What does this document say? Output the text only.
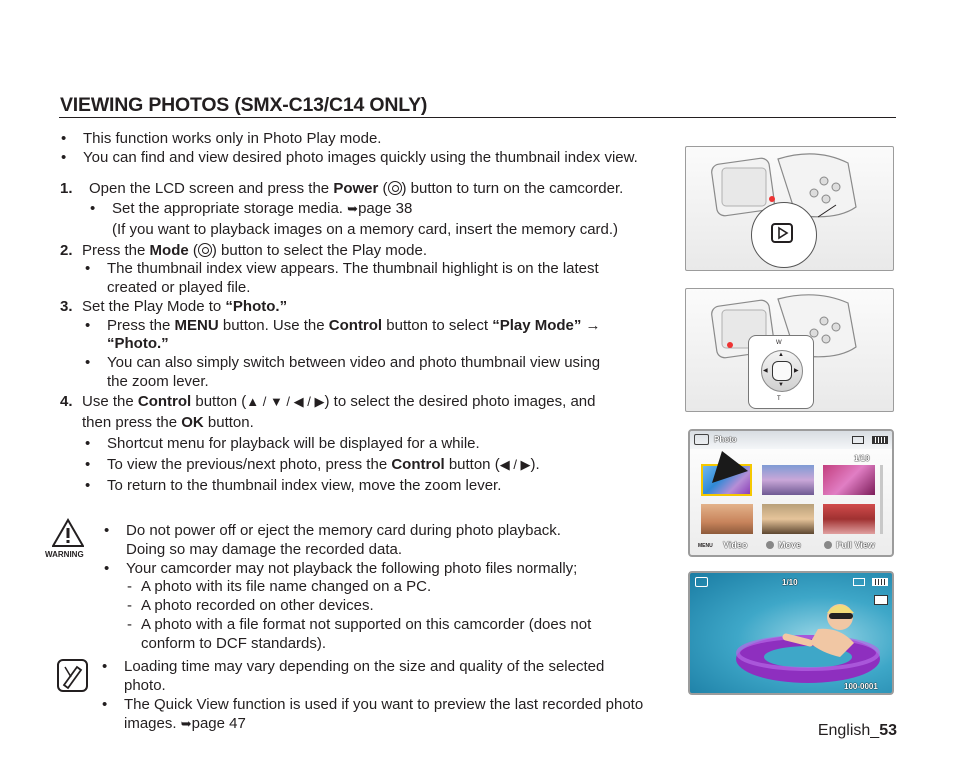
VIEWING PHOTOS (SMX-C13/C14 ONLY)
• This function works only in Photo Play mode.
• You can find and view desired photo images quickly using the thumbnail index view.
1. Open the LCD screen and press the Power ( ) button to turn on the camcorder.
• Set the appropriate storage media. ➥page 38
(If you want to playback images on a memory card, insert the memory card.)
2. Press the Mode ( ) button to select the Play mode.
• The thumbnail index view appears. The thumbnail highlight is on the latest
created or played file.
3. Set the Play Mode to “Photo.”
• Press the MENU button. Use the Control button to select “Play Mode” →
“Photo.”
• You can also simply switch between video and photo thumbnail view using
the zoom lever.
4. Use the Control button (▲ / ▼ / ◀ / ▶) to select the desired photo images, and
then press the OK button.
• Shortcut menu for playback will be displayed for a while.
• To view the previous/next photo, press the Control button (◀ / ▶).
• To return to the thumbnail index view, move the zoom lever.
WARNING
• Do not power off or eject the memory card during photo playback.
Doing so may damage the recorded data.
• Your camcorder may not playback the following photo files normally;
- A photo with its file name changed on a PC.
- A photo recorded on other devices.
- A photo with a file format not supported on this camcorder (does not
conform to DCF standards).
• Loading time may vary depending on the size and quality of the selected
photo.
• The Quick View function is used if you want to preview the last recorded photo
images. ➥page 47
W
▲
▼
◀	▶
T
Photo
1/10
MENU Video	Move	Full View
1/10
100-0001
English_53
